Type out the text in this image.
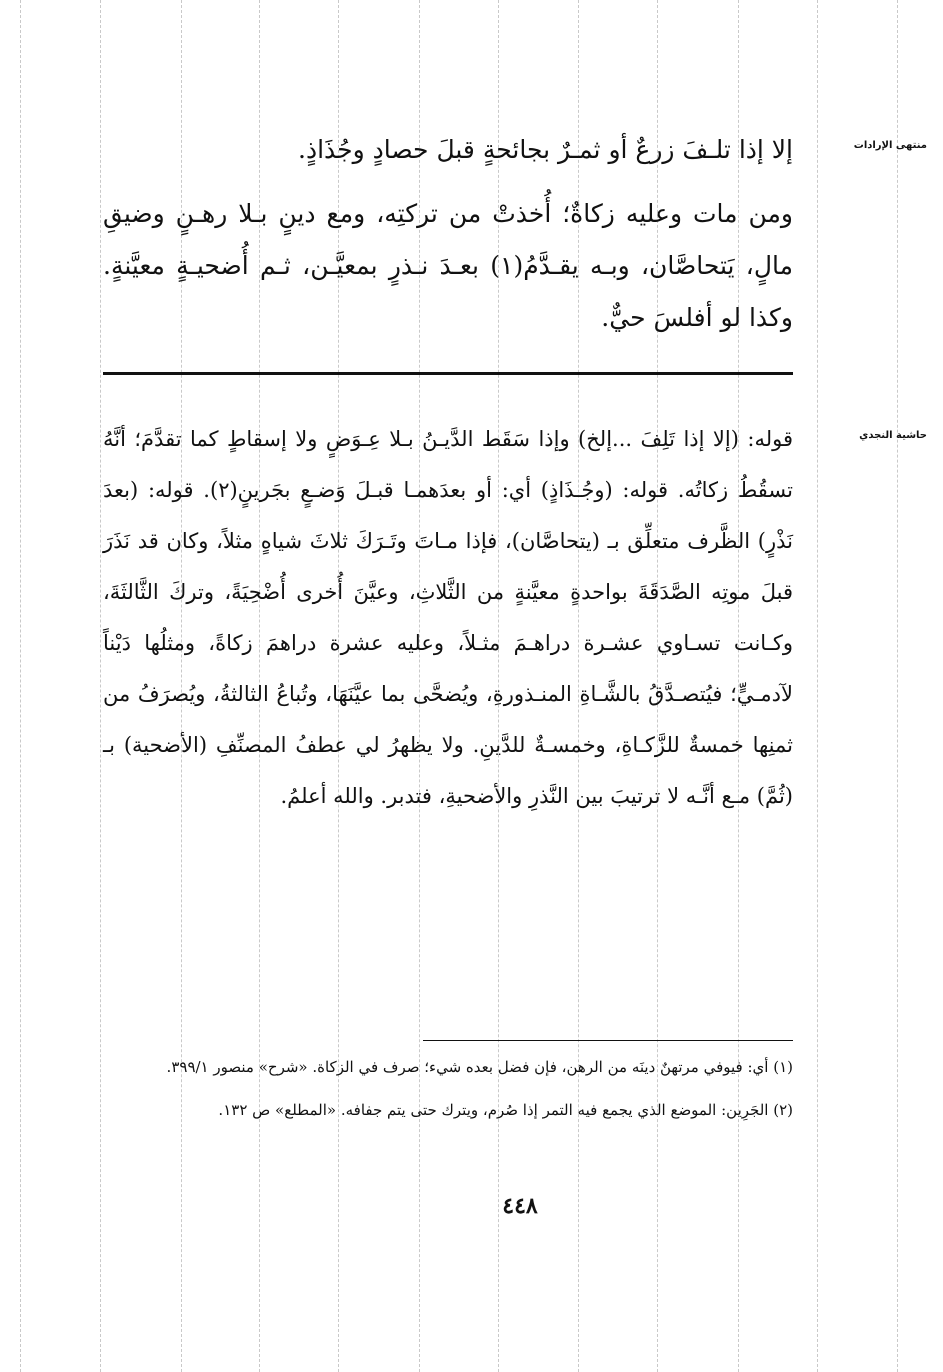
منتهى الإرادات

إلا إذا تلـفَ زرعٌ أو ثمـرٌ بجائحةٍ قبلَ حصادٍ وجُذَاذٍ.

ومن مات وعليه زكاةٌ؛ أُخذتْ من تركتِه، ومع دينٍ بـلا رهـنٍ وضيقِ مالٍ، يَتحاصَّان، وبـه يقـدَّمُ(١) بعـدَ نـذرٍ بمعيَّـن، ثـم أُضحيـةٍ معيَّنةٍ. وكذا لو أفلسَ حيٌّ.

حاشية النجدي

قوله: (إلا إذا تَلِفَ ...إلخ) وإذا سَقَط الدَّيـنُ بـلا عِـوَضٍ ولا إسقاطٍ كما تقدَّمَ؛ أنَّهُ تسقُطُ زكاتُه. قوله: (وجُـذَاذٍ) أي: أو بعدَهمـا قبـلَ وَضـعٍ بجَرينٍ(٢). قوله: (بعدَ نَذْرٍ) الظَّرف متعلِّق بـ (يتحاصَّان)، فإذا مـاتَ وتَـرَكَ ثلاثَ شياهٍ مثلاً، وكان قد نَذَرَ قبلَ موتِه الصَّدَقَةَ بواحدةٍ معيَّنةٍ من الثَّلاثِ، وعيَّنَ أُخرى أُضْحِيَةً، وتركَ الثَّالثَةَ، وكـانت تسـاوي عشـرة دراهـمَ مثـلاً، وعليه عشرة دراهمَ زكاةً، ومثلُها دَيْناً لآدمـيٍّ؛ فيُتصـدَّقُ بالشَّـاةِ المنـذورةِ، ويُضحَّى بما عيَّنَهَا، وتُباعُ الثالثةُ، ويُصرَفُ من ثمنِها خمسةٌ للزَّكـاةِ، وخمسـةٌ للدَّينِ. ولا يظهرُ لي عطفُ المصنِّفِ (الأضحية) بـ (ثُمَّ) مـع أنَّـه لا ترتيبَ بين النَّذرِ والأضحيةِ، فتدبر. والله أعلمُ.

(١) أي: فيوفي مرتهنٌ دينَه من الرهن، فإن فضل بعده شيء؛ صرف في الزكاة. «شرح» منصور ٣٩٩/١.

(٢) الجَرِين: الموضع الذي يجمع فيه التمر إذا صُرم، ويترك حتى يتم جفافه. «المطلع» ص ١٣٢.

٤٤٨
